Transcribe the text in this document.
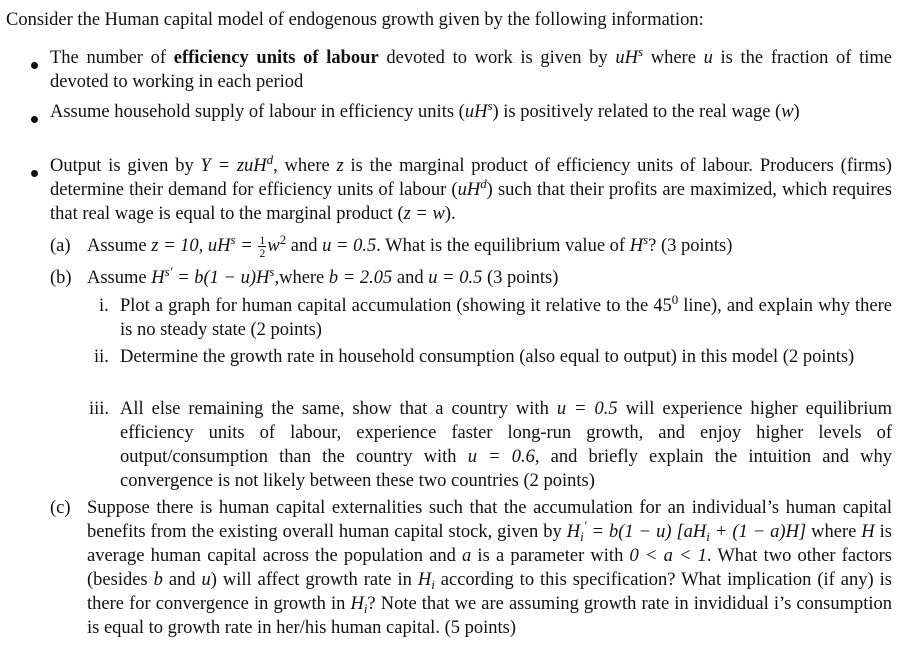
Consider the Human capital model of endogenous growth given by the following information:
The number of efficiency units of labour devoted to work is given by $uH^s$ where u is the fraction of time devoted to working in each period
Assume household supply of labour in efficiency units $(uH^s)$ is positively related to the real wage (w)
Output is given by Y = zuH$^d$, where z is the marginal product of efficiency units of labour. Producers (firms) determine their demand for efficiency units of labour $(uH^d)$ such that their profits are maximized, which requires that real wage is equal to the marginal product (z = w).
(a) Assume z = 10, $uH^s = \frac{1}{2} w^2$ and u = 0.5. What is the equilibrium value of $H^s$? (3 points)
(b) Assume $H^{s'} = b(1$ − $u)H^s,where$ b = 2.05 and u = 0.5 (3 points)
i. Plot a graph for human capital accumulation (showing it relative to the $45^0$ line), and explain why there is no steady state (2 points)
ii. Determine the growth rate in household consumption (also equal to output) in this model (2 points)
iii. All else remaining the same, show that a country with u = 0.5 will experience higher equilibrium efficiency units of labour, experience faster long-run growth, and enjoy higher levels of output/consumption than the country with u = 0.6, and briefly explain the intuition and why convergence is not likely between these two countries (2 points)
(c) Suppose there is human capital externalities such that the accumulation for an individual’s human capital benefits from the existing overall human capital stock, given by $H_i' = b(1 - u) [aH_i + (1 - a)H]$ where H is average human capital across the population and a is a parameter with 0 < a < 1. What two other factors (besides b and u) will affect growth rate in $H_i$ according to this specification? What implication (if any) is there for convergence in growth in $H_i$? Note that we are assuming growth rate in invididual i’s consumption is equal to growth rate in her/his human capital. (5 points)
